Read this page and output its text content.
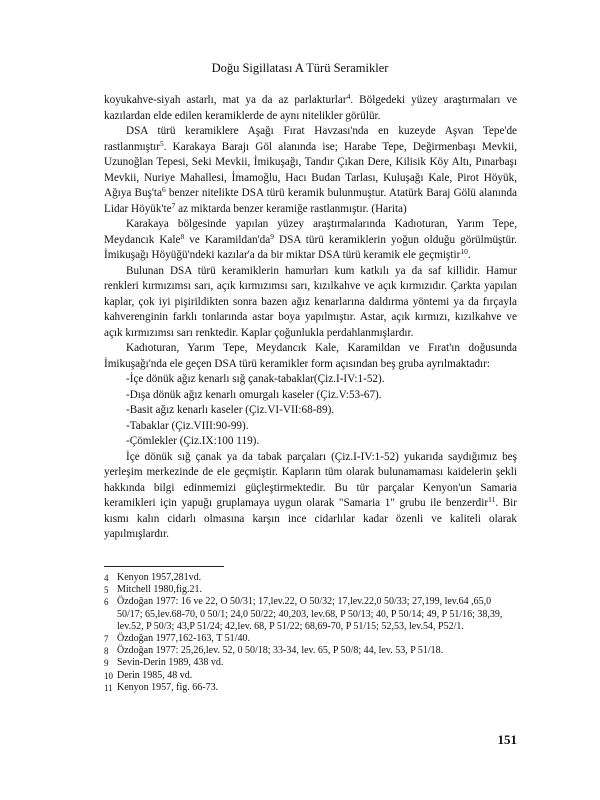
Doğu Sigillatası A Türü Seramikler

koyukahve-siyah astarlı, mat ya da az parlakturlar$^4$. Bölgedeki yüzey araştırmaları ve kazılardan elde edilen keramiklerde de aynı nitelikler görülür.

DSA türü keramiklere Aşağı Fırat Havzası'nda en kuzeyde Aşvan Tepe'de rastlanmıştır$^5$. Karakaya Barajı Göl alanında ise; Harabe Tepe, Değirmenbaşı Mevkii, Uzunoğlan Tepesi, Seki Mevkii, İmikuşağı, Tandır Çıkan Dere, Kilisik Köy Altı, Pınarbaşı Mevkii, Nuriye Mahallesi, İmamoğlu, Hacı Budan Tarlası, Kuluşağı Kale, Pirot Höyük, Ağıya $Buş'ta^6$ benzer nitelikte DSA türü keramik bulunmuştur. Atatürk Baraj Gölü alanında Lidar $Höyük'te^7$ az miktarda benzer keramiğe rastlanmıştır. (Harita)

Karakaya bölgesinde yapılan yüzey araştırmalarında Kadıoturan, Yarım Tepe, Meydancık Kale$^8$ ve $Karamildan'da^9$ DSA türü keramiklerin yoğun olduğu görülmüştür. İmikuşağı Höyüğü'ndeki kazılar'a da bir miktar DSA türü keramik ele geçmiştir$^{10}$.

Bulunan DSA türü keramiklerin hamurları kum katkılı ya da saf killidir. Hamur renkleri kırmızımsı sarı, açık kırmızımsı sarı, kızılkahve ve açık kırmızıdır. Çarkta yapılan kaplar, çok iyi pişirildikten sonra bazen ağız kenarlarına daldırma yöntemi ya da fırçayla kahverenginin farklı tonlarında astar boya yapılmıştır. Astar, açık kırmızı, kızılkahve ve açık kırmızımsı sarı renktedir. Kaplar çoğunlukla perdahlanmışlardır.

Kadıoturan, Yarım Tepe, Meydancık Kale, Karamildan ve Fırat'ın doğusunda İmikuşağı'nda ele geçen DSA türü keramikler form açısından beş gruba ayrılmaktadır:

-İçe dönük ağız kenarlı sığ çanak-tabaklar(Çiz.I-IV:1-52).

-Dışa dönük ağız kenarlı omurgalı kaseler (Çiz.V:53-67).

-Basit ağız kenarlı kaseler (Çiz.VI-VII:68-89).

-Tabaklar (Çiz.VIII:90-99).

-Çömlekler (Çiz.IX:100 119).

İçe dönük sığ çanak ya da tabak parçaları (Çiz.I-IV:1-52) yukarıda saydığımız beş yerleşim merkezinde de ele geçmiştir. Kapların tüm olarak bulunamaması kaidelerin şekli hakkında bilgi edinmemizi güçleştirmektedir. Bu tür parçalar Kenyon'un Samaria keramikleri için yapuğı gruplamaya uygun olarak "Samaria 1" grubu ile benzerdir$^{11}$. Bir kısmı kalın cidarlı olmasına karşın ince cidarlılar kadar özenli ve kaliteli olarak yapılmışlardır.

4 Kenyon 1957,281vd.
5 Mitchell 1980,fig.21.
6 Özdoğan 1977: 16 ve 22, O 50/31; 17,lev.22, O 50/32; 17,lev.22,0 50/33; 27,199, lev.64 ,65,0 50/17; 65,lev.68-70, 0 50/1; 24,0 50/22; 40,203, lev.68, P 50/13; 40, P 50/14; 49, P 51/16; 38,39, lev.52, P 50/3; 43,P 51/24; 42,lev. 68, P 51/22; 68,69-70, P 51/15; 52,53, lev.54, P52/1.
7 Özdoğan 1977,162-163, T 51/40.
8 Özdoğan 1977: 25,26,lev. 52, 0 50/18; 33-34, lev. 65, P 50/8; 44, lev. 53, P 51/18.
9 Sevin-Derin 1989, 438 vd.
10 Derin 1985, 48 vd.
11 Kenyon 1957, fig. 66-73.
151
